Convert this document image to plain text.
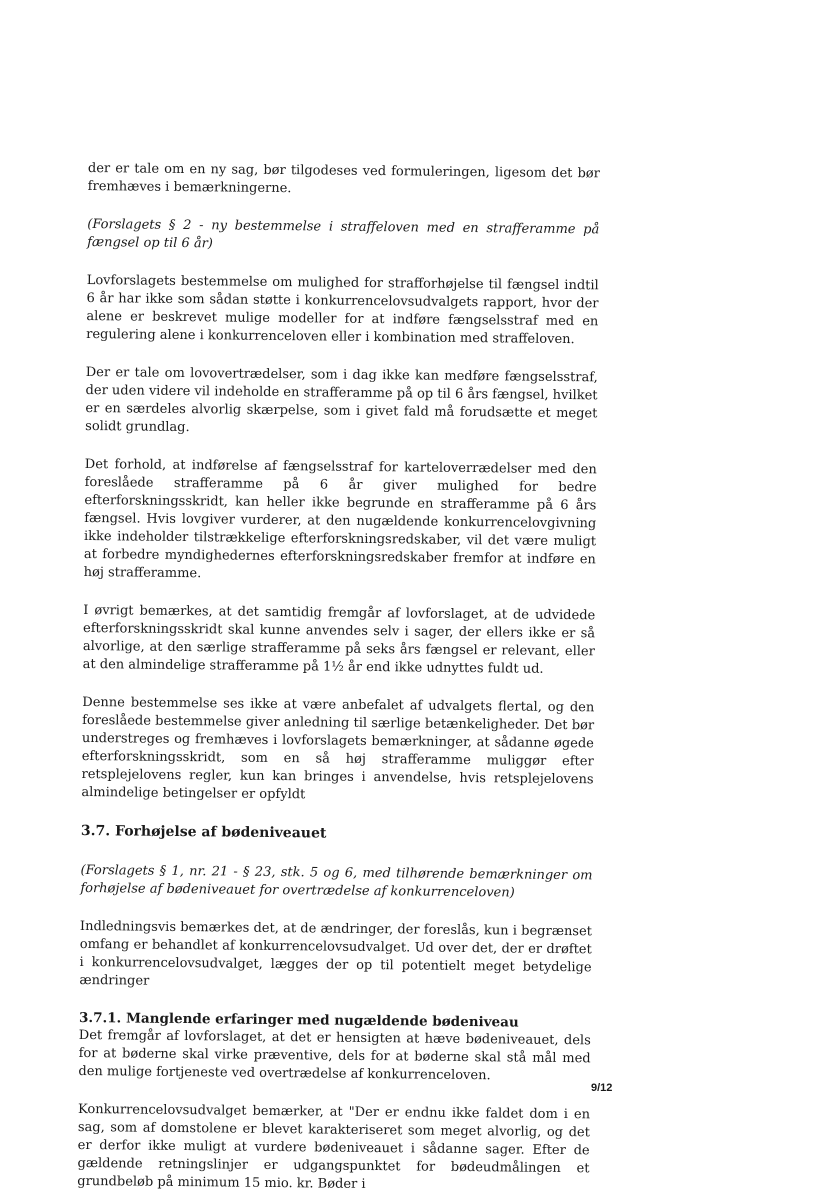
der er tale om en ny sag, bør tilgodeses ved formuleringen, ligesom det bør fremhæves i bemærkningerne.

(Forslagets § 2 - ny bestemmelse i straffeloven med en strafferamme på fængsel op til 6 år)

Lovforslagets bestemmelse om mulighed for strafforhøjelse til fængsel indtil 6 år har ikke som sådan støtte i konkurrencelovsudvalgets rapport, hvor der alene er beskrevet mulige modeller for at indføre fængselsstraf med en regulering alene i konkurrenceloven eller i kombination med straffeloven.

Der er tale om lovovertrædelser, som i dag ikke kan medføre fængselsstraf, der uden videre vil indeholde en strafferamme på op til 6 års fængsel, hvilket er en særdeles alvorlig skærpelse, som i givet fald må forudsætte et meget solidt grundlag.

Det forhold, at indførelse af fængselsstraf for karteloverrædelser med den foreslåede strafferamme på 6 år giver mulighed for bedre efterforskningsskridt, kan heller ikke begrunde en strafferamme på 6 års fængsel. Hvis lovgiver vurderer, at den nugældende konkurrencelovgivning ikke indeholder tilstrækkelige efterforskningsredskaber, vil det være muligt at forbedre myndighedernes efterforskningsredskaber fremfor at indføre en høj strafferamme.

I øvrigt bemærkes, at det samtidig fremgår af lovforslaget, at de udvidede efterforskningsskridt skal kunne anvendes selv i sager, der ellers ikke er så alvorlige, at den særlige strafferamme på seks års fængsel er relevant, eller at den almindelige strafferamme på 1½ år end ikke udnyttes fuldt ud.

Denne bestemmelse ses ikke at være anbefalet af udvalgets flertal, og den foreslåede bestemmelse giver anledning til særlige betænkeligheder. Det bør understreges og fremhæves i lovforslagets bemærkninger, at sådanne øgede efterforskningsskridt, som en så høj strafferamme muliggør efter retsplejelovens regler, kun kan bringes i anvendelse, hvis retsplejelovens almindelige betingelser er opfyldt

3.7. Forhøjelse af bødeniveauet

(Forslagets § 1, nr. 21 - § 23, stk. 5 og 6, med tilhørende bemærkninger om forhøjelse af bødeniveauet for overtrædelse af konkurrenceloven)

Indledningsvis bemærkes det, at de ændringer, der foreslås, kun i begrænset omfang er behandlet af konkurrencelovsudvalget. Ud over det, der er drøftet i konkurrencelovsudvalget, lægges der op til potentielt meget betydelige ændringer

3.7.1. Manglende erfaringer med nugældende bødeniveau

Det fremgår af lovforslaget, at det er hensigten at hæve bødeniveauet, dels for at bøderne skal virke præventive, dels for at bøderne skal stå mål med den mulige fortjeneste ved overtrædelse af konkurrenceloven.

Konkurrencelovsudvalget bemærker, at "Der er endnu ikke faldet dom i en sag, som af domstolene er blevet karakteriseret som meget alvorlig, og det er derfor ikke muligt at vurdere bødeniveauet i sådanne sager. Efter de gældende retningslinjer er udgangspunktet for bødeudmålingen et grundbeløb på minimum 15 mio. kr. Bøder i

9/12
